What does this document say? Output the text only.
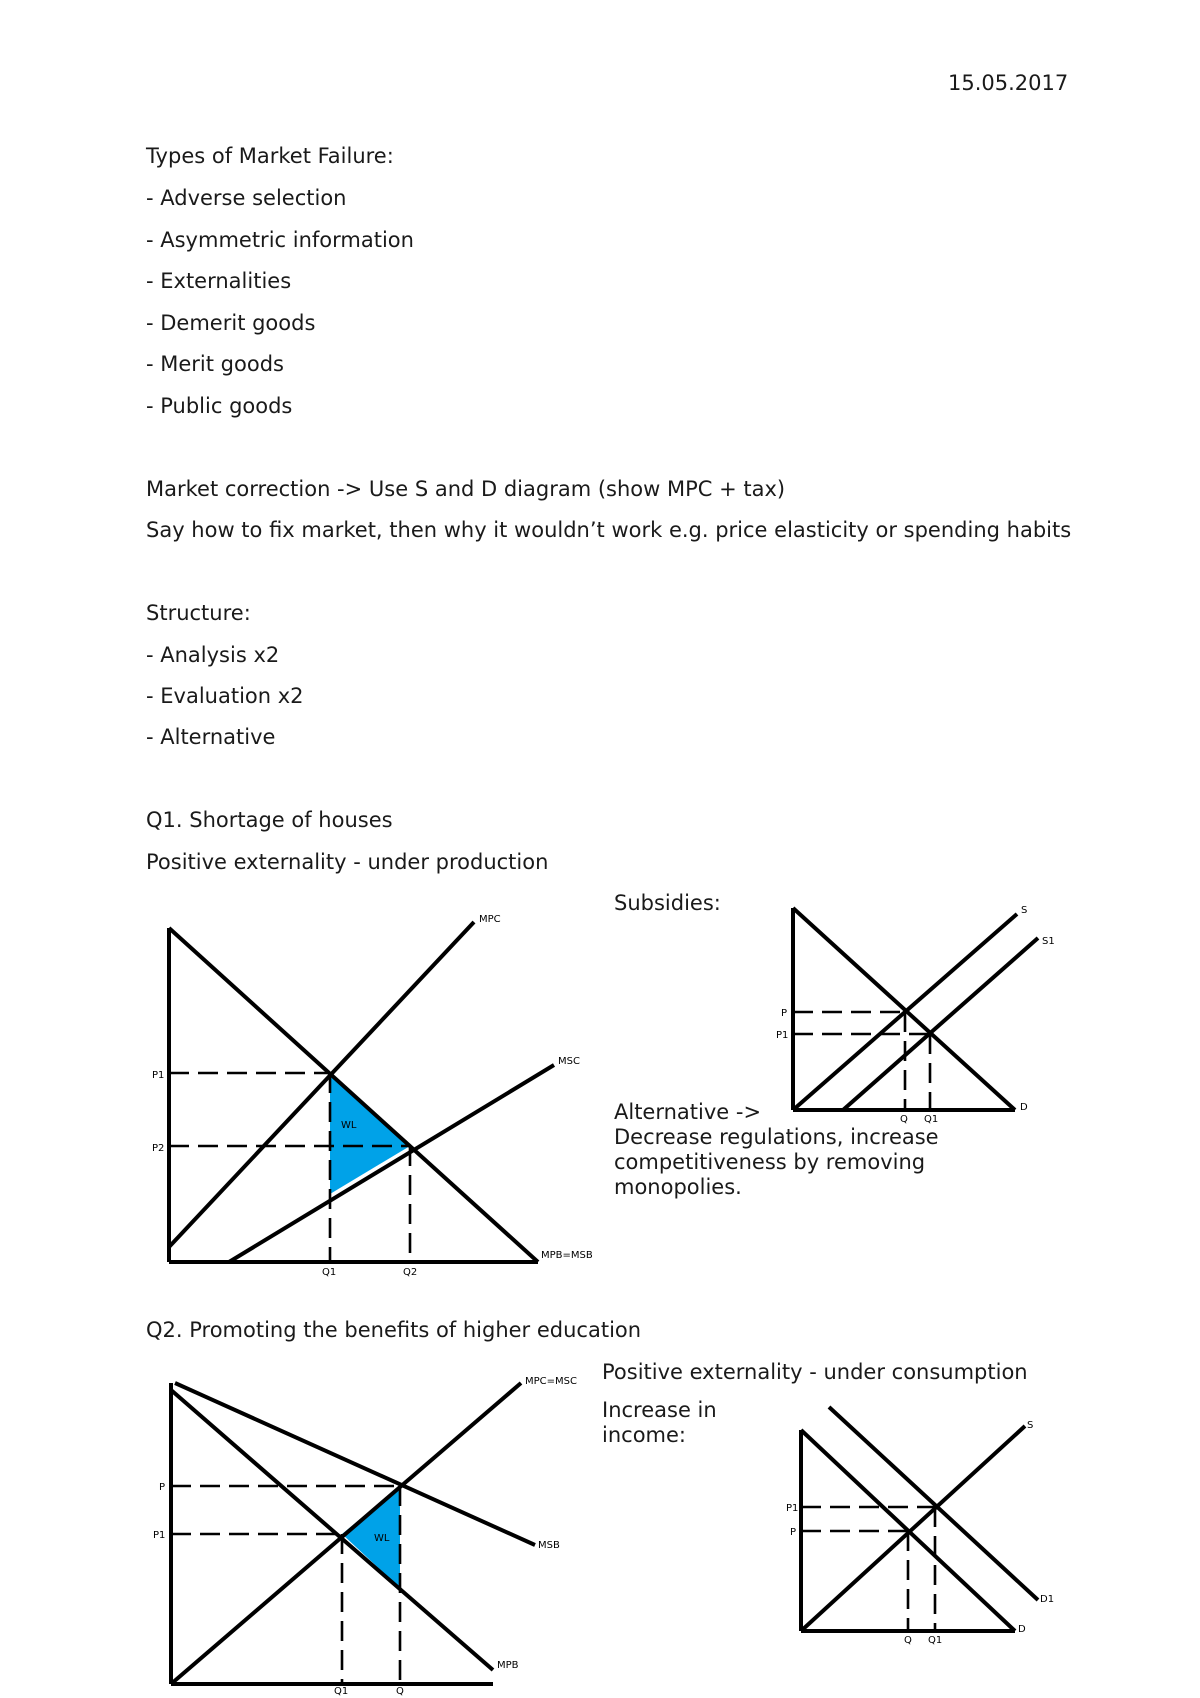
15.05.2017
Types of Market Failure:
- Adverse selection
- Asymmetric information
- Externalities
- Demerit goods
- Merit goods
- Public goods
Market correction -> Use S and D diagram (show MPC + tax)
Say how to fix market, then why it wouldn’t work e.g. price elasticity or spending habits
Structure:
- Analysis x2
- Evaluation x2
- Alternative
Q1. Shortage of houses
Positive externality - under production
Subsidies:
Alternative ->
Decrease regulations, increase competitiveness by removing monopolies.
MPC
MSC
MPB=MSB
P1
P2
Q1	Q2
WL
S
S1
D
P
P1
Q Q1
Q2. Promoting the benefits of higher education
Positive externality - under consumption
Increase in income:
MPC=MSC
MSB
MPB
P
P1
Q1	Q
WL
S
D1
D
P1
P
Q Q1
